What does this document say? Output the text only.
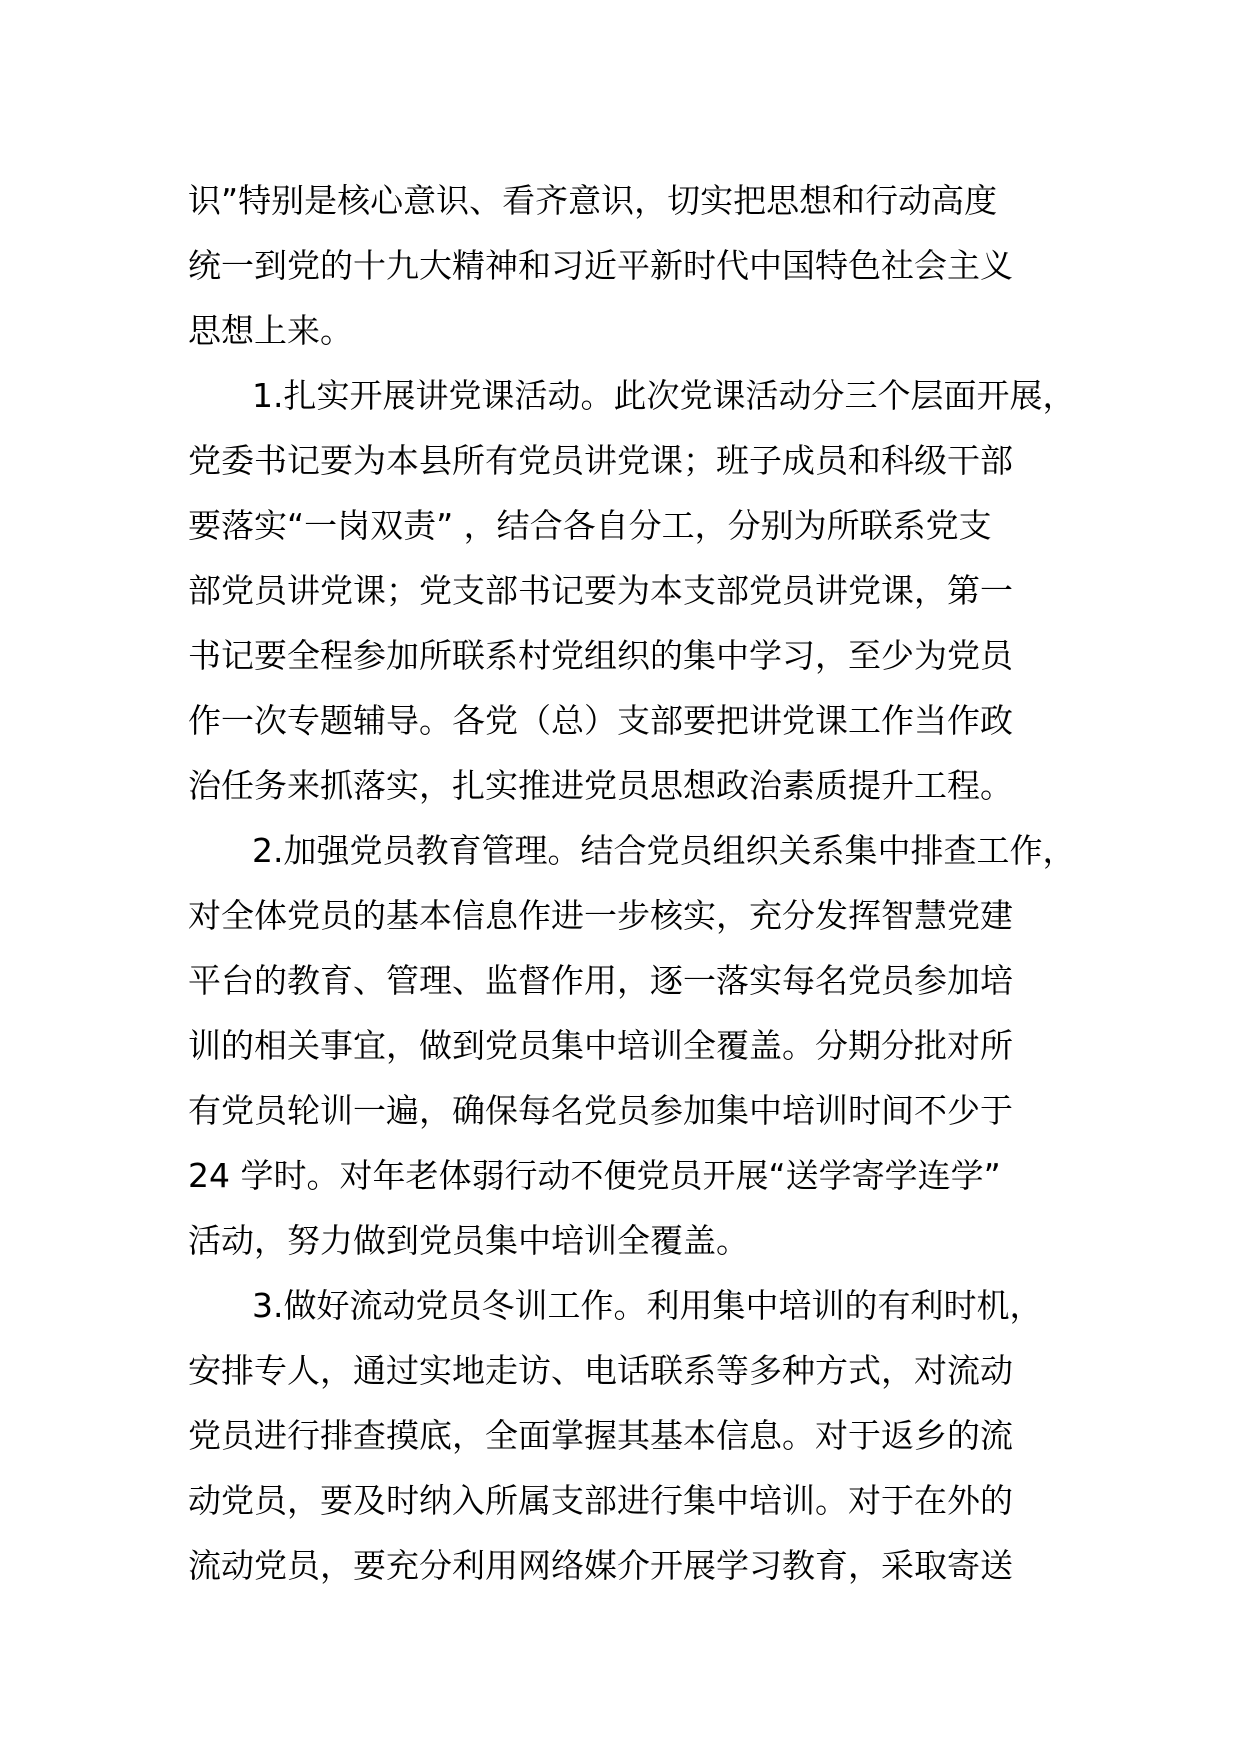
识”特别是核心意识、看齐意识，切实把思想和行动高度
统一到党的十九大精神和习近平新时代中国特色社会主义
思想上来。
1.扎实开展讲党课活动。此次党课活动分三个层面开展，
党委书记要为本县所有党员讲党课；班子成员和科级干部
要落实“一岗双责” ，结合各自分工，分别为所联系党支
部党员讲党课；党支部书记要为本支部党员讲党课，第一
书记要全程参加所联系村党组织的集中学习，至少为党员
作一次专题辅导。各党（总）支部要把讲党课工作当作政
治任务来抓落实，扎实推进党员思想政治素质提升工程。
2.加强党员教育管理。结合党员组织关系集中排查工作，
对全体党员的基本信息作进一步核实，充分发挥智慧党建
平台的教育、管理、监督作用，逐一落实每名党员参加培
训的相关事宜，做到党员集中培训全覆盖。分期分批对所
有党员轮训一遍，确保每名党员参加集中培训时间不少于
24 学时。对年老体弱行动不便党员开展“送学寄学连学”
活动，努力做到党员集中培训全覆盖。
3.做好流动党员冬训工作。利用集中培训的有利时机，
安排专人，通过实地走访、电话联系等多种方式，对流动
党员进行排查摸底，全面掌握其基本信息。对于返乡的流
动党员，要及时纳入所属支部进行集中培训。对于在外的
流动党员，要充分利用网络媒介开展学习教育，采取寄送
